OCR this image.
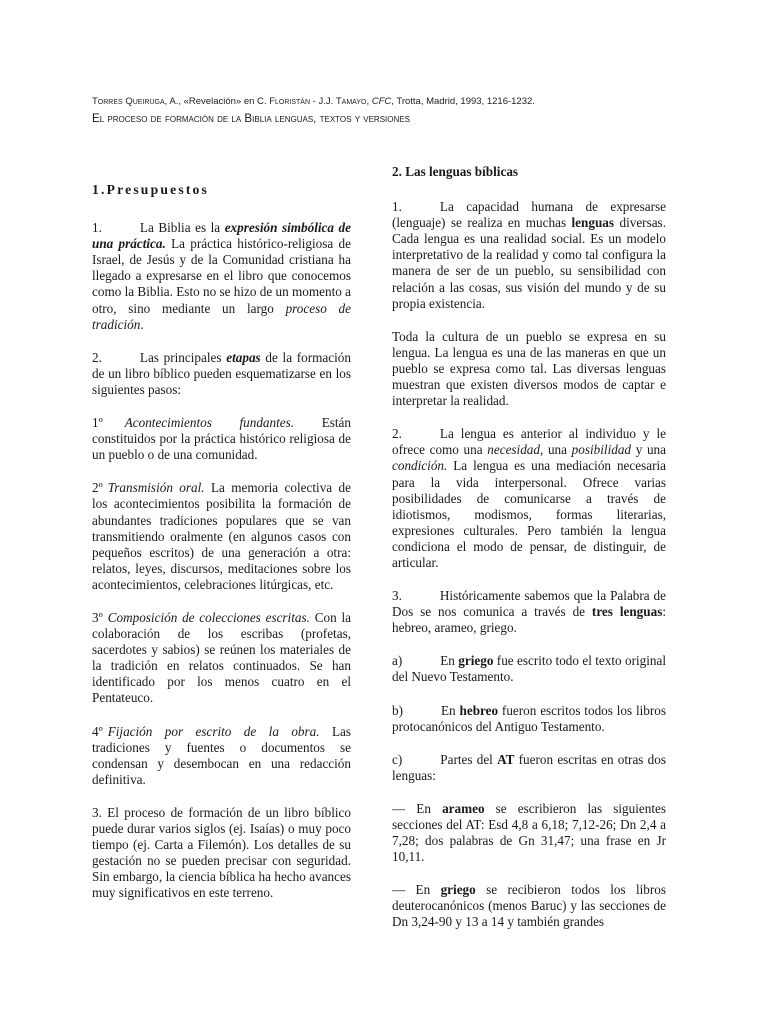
Torres Queiruga, A., «Revelación» en C. Floristán - J.J. Tamayo, CFC, Trotta, Madrid, 1993, 1216-1232.
El proceso de formación de la Biblia lenguas, textos y versiones

1.Presupuestos

1.	La Biblia es la expresión simbólica de una práctica. La práctica histórico-religiosa de Israel, de Jesús y de la Comunidad cristiana ha llegado a expresarse en el libro que conocemos como la Biblia. Esto no se hizo de un momento a otro, sino mediante un largo proceso de tradición.

2.	Las principales etapas de la formación de un libro bíblico pueden esquematizarse en los siguientes pasos:

1º Acontecimientos fundantes. Están constituidos por la práctica histórico religiosa de un pueblo o de una comunidad.

2º Transmisión oral. La memoria colectiva de los acontecimientos posibilita la formación de abundantes tradiciones populares que se van transmitiendo oralmente (en algunos casos con pequeños escritos) de una generación a otra: relatos, leyes, discursos, meditaciones sobre los acontecimientos, celebraciones litúrgicas, etc.

3º Composición de colecciones escritas. Con la colaboración de los escribas (profetas, sacerdotes y sabios) se reúnen los materiales de la tradición en relatos continuados. Se han identificado por los menos cuatro en el Pentateuco.

4º Fijación por escrito de la obra. Las tradiciones y fuentes o documentos se condensan y desembocan en una redacción definitiva.

3. El proceso de formación de un libro bíblico puede durar varios siglos (ej. Isaías) o muy poco tiempo (ej. Carta a Filemón). Los detalles de su gestación no se pueden precisar con seguridad. Sin embargo, la ciencia bíblica ha hecho avances muy significativos en este terreno.

2. Las lenguas bíblicas

1.	La capacidad humana de expresarse (lenguaje) se realiza en muchas lenguas diversas. Cada lengua es una realidad social. Es un modelo interpretativo de la realidad y como tal configura la manera de ser de un pueblo, su sensibilidad con relación a las cosas, sus visión del mundo y de su propia existencia.

Toda la cultura de un pueblo se expresa en su lengua. La lengua es una de las maneras en que un pueblo se expresa como tal. Las diversas lenguas muestran que existen diversos modos de captar e interpretar la realidad.

2.	La lengua es anterior al individuo y le ofrece como una necesidad, una posibilidad y una condición. La lengua es una mediación necesaria para la vida interpersonal. Ofrece varias posibilidades de comunicarse a través de idiotismos, modismos, formas literarias, expresiones culturales. Pero también la lengua condiciona el modo de pensar, de distinguir, de articular.

3.	Históricamente sabemos que la Palabra de Dos se nos comunica a través de tres lenguas: hebreo, arameo, griego.

a)	En griego fue escrito todo el texto original del Nuevo Testamento.

b)	En hebreo fueron escritos todos los libros protocanónicos del Antiguo Testamento.

c)	Partes del AT fueron escritas en otras dos lenguas:

— En arameo se escribieron las siguientes secciones del AT: Esd 4,8 a 6,18; 7,12-26; Dn 2,4 a 7,28; dos palabras de Gn 31,47; una frase en Jr 10,11.

— En griego se recibieron todos los libros deuterocanónicos (menos Baruc) y las secciones de Dn 3,24-90 y 13 a 14 y también grandes
